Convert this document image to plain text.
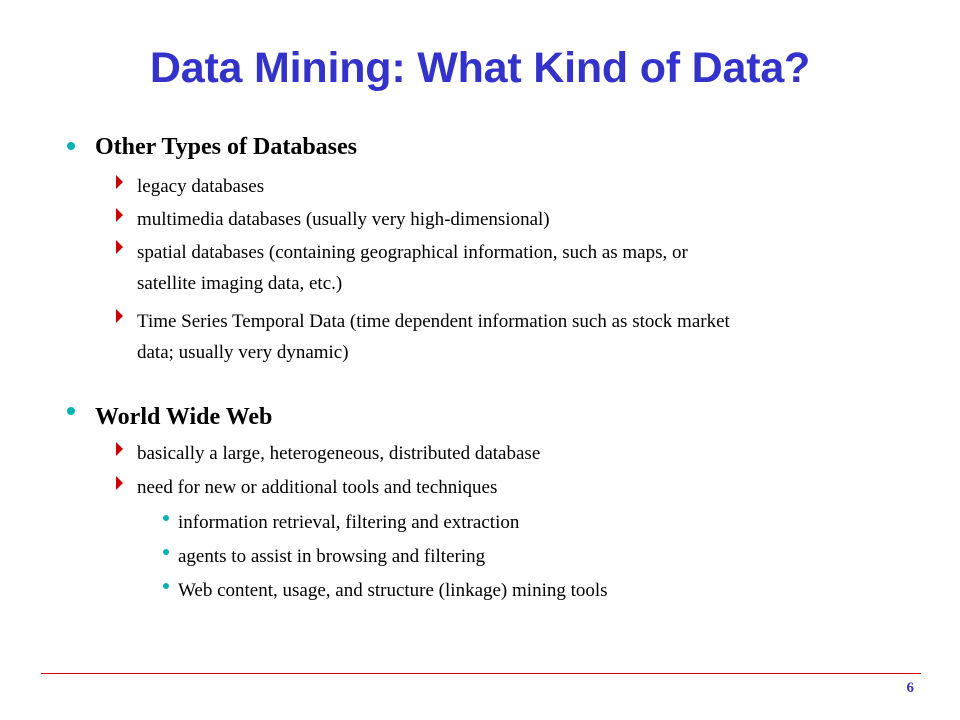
Data Mining: What Kind of Data?
Other Types of Databases
legacy databases
multimedia databases (usually very high-dimensional)
spatial databases (containing geographical information, such as maps, or
satellite imaging data, etc.)
Time Series Temporal Data (time dependent information such as stock market
data; usually very dynamic)
World Wide Web
basically a large, heterogeneous, distributed database
need for new or additional tools and techniques
information retrieval, filtering and extraction
agents to assist in browsing and filtering
Web content, usage, and structure (linkage) mining tools
6
